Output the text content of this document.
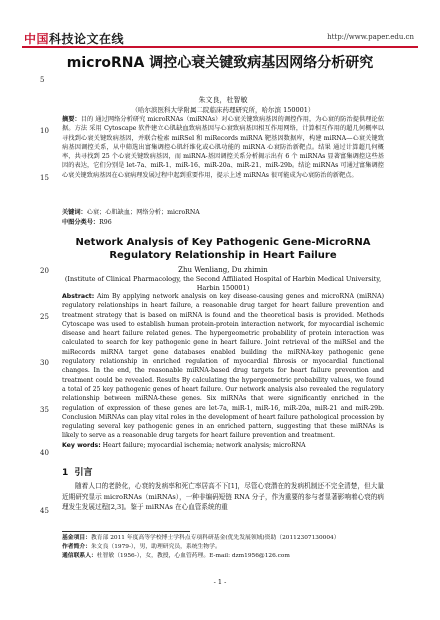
中国科技论文在线	http://www.paper.edu.cn
5
10
15
20
25
30
35
40
45
microRNA 调控心衰关键致病基因网络分析研究
朱文良，杜智敏
（哈尔滨医科大学附属二院临床药理研究所，哈尔滨 150001）
摘要：目的 通过网络分析研究 microRNAs（miRNAs）对心衰关键致病基因的调控作用，为心衰的防治提供理论依据。方法 采用 Cytoscape 软件建立心肌缺血致病基因与心衰致病基因相互作用网络，计算相互作用的超几何概率以寻找到心衰关键致病基因，并联合检索 miRSel 和 miRecords miRNA 靶基因数据库，构建 miRNA—心衰关键致病基因调控关系，从中筛选出富集调控心肌纤维化或心肌功能的 miRNA 心衰防治新靶点。结果 通过计算超几何概率，共寻找到 25 个心衰关键致病基因，而 miRNA-基因调控关系分析揭示出有 6 个 miRNAs 显著富集调控这些基因的表达，它们分别是 let-7a、miR-1、miR-16、miR-20a、miR-21、miR-29b。结论 miRNAs 可通过富集调控心衰关键致病基因在心衰病理发展过程中起到重要作用，提示上述 miRNAs 很可能成为心衰防治的新靶点。
关键词：心衰；心肌缺血；网络分析；microRNA
中图分类号：R96
Network Analysis of Key Pathogenic Gene-MicroRNA Regulatory Relationship in Heart Failure
Zhu Wenliang, Du zhimin
(Institute of Clinical Pharmacology, the Second Affiliated Hospital of Harbin Medical University, Harbin 150001)
Abstract: Aim By applying network analysis on key disease-causing genes and microRNA (miRNA) regulatory relationships in heart failure, a reasonable drug target for heart failure prevention and treatment strategy that is based on miRNA is found and the theoretical basis is provided. Methods Cytoscape was used to establish human protein-protein interaction network, for myocardial ischemic disease and heart failure related genes. The hypergeometric probability of protein interaction was calculated to search for key pathogenic gene in heart failure. Joint retrieval of the miRSel and the miRecords miRNA target gene databases enabled building the miRNA-key pathogenic gene regulatory relationship in enriched regulation of myocardial fibrosis or myocardial functional changes. In the end, the reasonable miRNA-based drug targets for heart failure prevention and treatment could be revealed. Results By calculating the hypergeometric probability values, we found a total of 25 key pathogenic genes of heart failure. Our network analysis also revealed the regulatory relationship between miRNA-these genes. Six miRNAs that were significantly enriched in the regulation of expression of these genes are let-7a, miR-1, miR-16, miR-20a, miR-21 and miR-29b. Conclusion MiRNAs can play vital roles in the development of heart failure pathological procession by regulating several key pathogenic genes in an enriched pattern, suggesting that these miRNAs is likely to serve as a reasonable drug targets for heart failure prevention and treatment.
Key words: Heart failure; myocardial ischemia; network analysis; microRNA
1 引言
随着人口的老龄化，心衰的发病率和死亡率居高不下[1]，尽管心衰潜在的发病机制还不完全清楚，但大量近期研究显示 microRNAs（miRNAs），一种非编码短链 RNA 分子，作为重要的参与者显著影响着心衰的病理发生发展过程[2,3]。鉴于 miRNAs 在心血管系统的重
基金项目：教育部 2011 年度高等学校博士学科点专项科研基金(优先发展领域)资助（20112307130004）
作者简介：朱文良（1979-），男，助理研究员，系统生物学。
通信联系人：杜智敏（1956-），女，教授，心血管药理。E-mail: dzm1956@126.com
- 1 -
